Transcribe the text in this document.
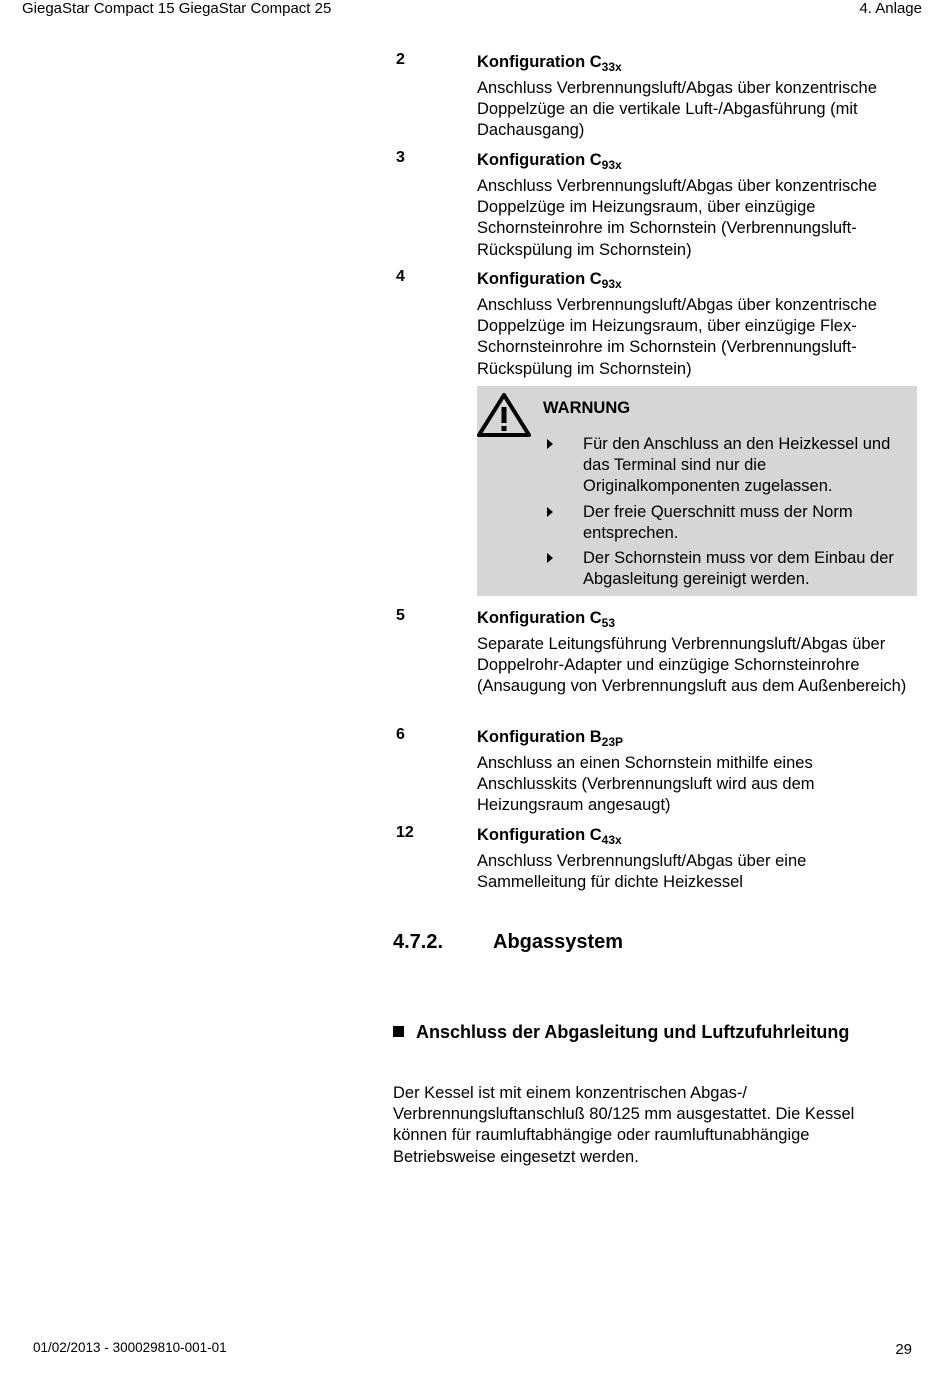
GiegaStar Compact 15 GiegaStar Compact 25	4. Anlage
2	Konfiguration $C_{33x}$
Anschluss Verbrennungsluft/Abgas über konzentrische Doppelzüge an die vertikale Luft-/Abgasführung (mit Dachausgang)
3	Konfiguration $C_{93x}$
Anschluss Verbrennungsluft/Abgas über konzentrische Doppelzüge im Heizungsraum, über einzügige Schornsteinrohre im Schornstein (Verbrennungsluft-Rückspülung im Schornstein)
4	Konfiguration $C_{93x}$
Anschluss Verbrennungsluft/Abgas über konzentrische Doppelzüge im Heizungsraum, über einzügige Flex-Schornsteinrohre im Schornstein (Verbrennungsluft-Rückspülung im Schornstein)
WARNUNG
Für den Anschluss an den Heizkessel und das Terminal sind nur die Originalkomponenten zugelassen.
Der freie Querschnitt muss der Norm entsprechen.
Der Schornstein muss vor dem Einbau der Abgasleitung gereinigt werden.
5	Konfiguration $C_{53}$
Separate Leitungsführung Verbrennungsluft/Abgas über Doppelrohr-Adapter und einzügige Schornsteinrohre (Ansaugung von Verbrennungsluft aus dem Außenbereich)
6	Konfiguration $B_{23P}$
Anschluss an einen Schornstein mithilfe eines Anschlusskits (Verbrennungsluft wird aus dem Heizungsraum angesaugt)
12	Konfiguration $C_{43x}$
Anschluss Verbrennungsluft/Abgas über eine Sammelleitung für dichte Heizkessel
4.7.2. Abgassystem
Anschluss der Abgasleitung und Luftzufuhrleitung
Der Kessel ist mit einem konzentrischen Abgas-/ Verbrennungsluftanschluß 80/125 mm ausgestattet. Die Kessel können für raumluftabhängige oder raumluftunabhängige Betriebsweise eingesetzt werden.
01/02/2013 - 300029810-001-01	29
